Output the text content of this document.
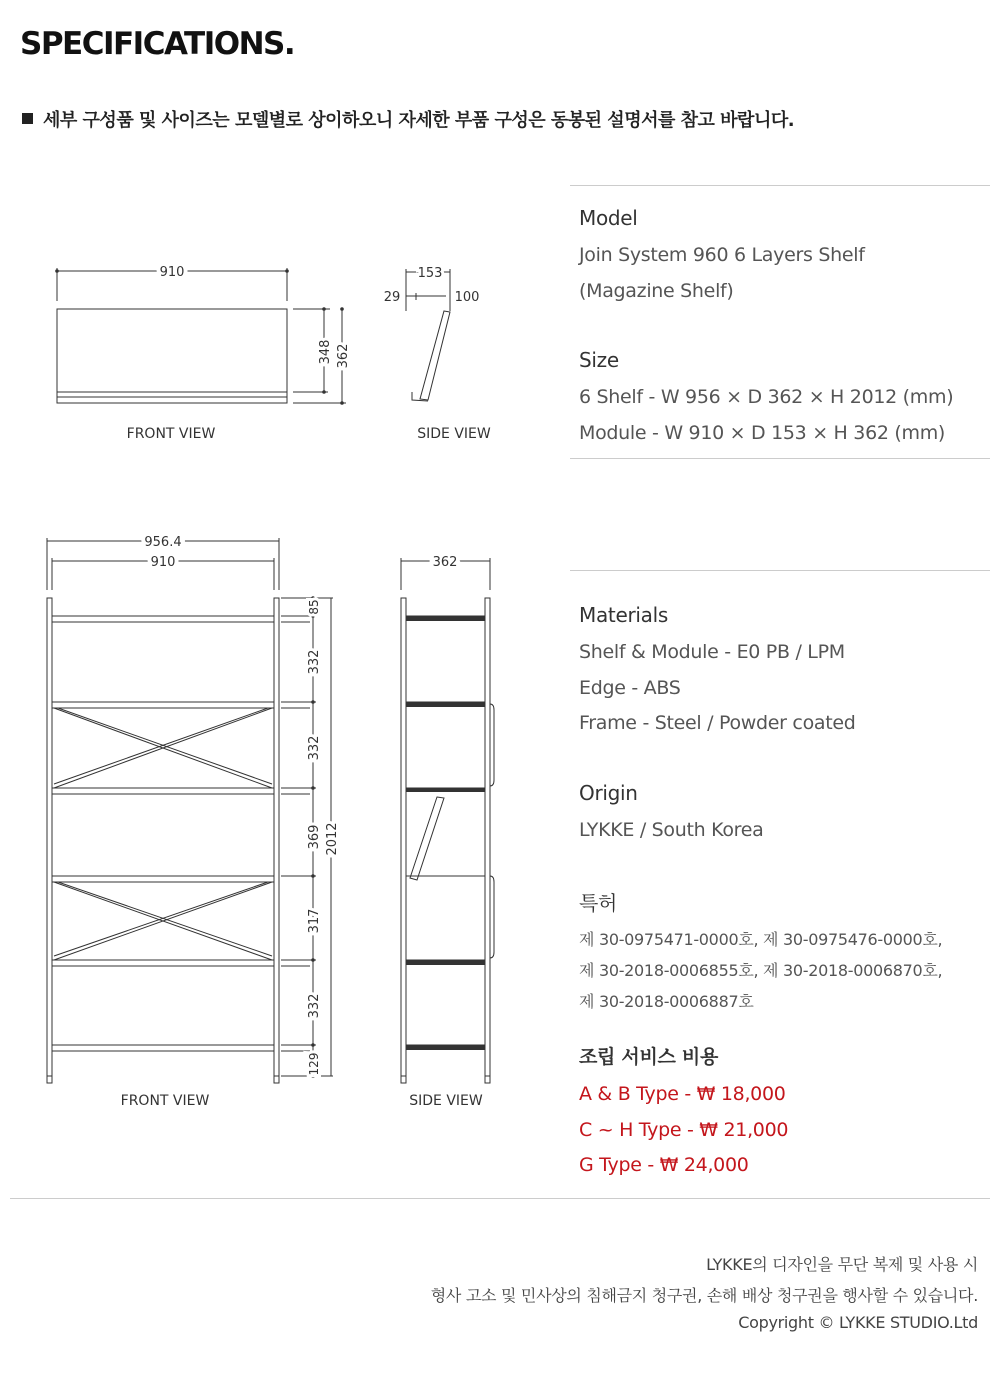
SPECIFICATIONS.
세부 구성품 및 사이즈는 모델별로 상이하오니 자세한 부품 구성은 동봉된 설명서를 참고 바랍니다.
910
348 362
FRONT VIEW
153
29	100
SIDE VIEW
956.4
910
85
332
332
369
317
332
129
2012
FRONT VIEW
362
SIDE VIEW
Model
Join System 960 6 Layers Shelf
(Magazine Shelf)
Size
6 Shelf - W 956 × D 362 × H 2012 (mm)
Module - W 910 × D 153 × H 362 (mm)
Materials
Shelf & Module - E0 PB / LPM
Edge - ABS
Frame - Steel / Powder coated
Origin
LYKKE / South Korea
특허
제 30-0975471-0000호, 제 30-0975476-0000호,
제 30-2018-0006855호, 제 30-2018-0006870호,
제 30-2018-0006887호
조립 서비스 비용
A & B Type - ₩ 18,000
C ~ H Type - ₩ 21,000
G Type - ₩ 24,000
LYKKE의 디자인을 무단 복제 및 사용 시
형사 고소 및 민사상의 침해금지 청구권, 손해 배상 청구권을 행사할 수 있습니다.
Copyright © LYKKE STUDIO.Ltd
